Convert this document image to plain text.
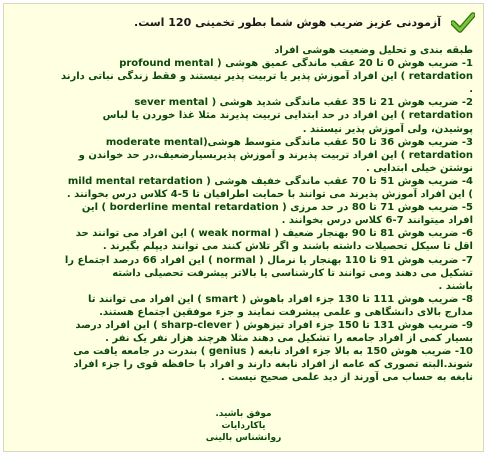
آزمودنی عزیز ضریب هوش شما بطور تخمینی 120 است.
طبقه بندی و تحلیل وضعیت هوشی افراد
1- ضریب هوش 0 تا 20 عقب ماندگی عمیق هوشی ( profound mental
retardation ) این افراد آموزش پذیر یا تربیت پذیر نیستند و فقط زندگی نباتی دارند
.
2- ضریب هوش 21 تا 35 عقب ماندگی شدید هوشی ( sever mental
retardation ) این افراد در حد ابتدایی تربیت پذیرند مثلا غذا خوردن یا لباس
پوشیدن، ولی آموزش پذیر نیستند .
3- ضریب هوش 36 تا 50 عقب ماندگی متوسط هوشی(moderate mental
retardation ) این افراد تربیت پذیرند و آموزش پذیربسیارضعیف،در حد خواندن و
نوشتن خیلی ابتدایی .
4- ضریب هوش 51 تا 70 عقب ماندگی خفیف هوشی ( mild mental retardation
) این افراد آموزش پذیرند می توانند با حمایت اطرافیان تا 5-4 کلاس درس بخوانند .
5- ضریب هوش 71 تا 80 در حد مرزی ( borderline mental retardation ) این
افراد میتوانند 7-6 کلاس درس بخوانند .
6- ضریب هوش 81 تا 90 بهنجار ضعیف ( weak normal ) این افراد می توانند حد
اقل تا سیکل تحصیلات داشته باشند و اگر تلاش کنند می توانند دیپلم بگیرند .
7- ضریب هوش 91 تا 110 بهنجار یا نرمال ( normal ) این افراد 66 درصد اجتماع را
تشکیل می دهند ومی توانند تا کارشناسی یا بالاتر پیشرفت تحصیلی داشته
باشند .
8- ضریب هوش 111 تا 130 جزء افراد باهوش ( smart ) این افراد می توانند تا
مدارج بالای دانشگاهی و علمی پیشرفت نمایند و جزء موفقین اجتماع هستند.
9- ضریب هوش 131 تا 150 جزء افراد تیزهوش ( sharp-clever ) این افراد درصد
بسیار کمی از افراد جامعه را تشکیل می دهند مثلا هرچند هزار نفر یک نفر .
10- ضریب هوش 150 به بالا جزء افراد نابغه ( genius ) بندرت در جامعه یافت می
شوند.البته تصوری که عامه از افراد نابغه دارند و افراد با حافظه قوی را جزء افراد
نابغه به حساب می آورند از دید علمی صحیح نیست .
موفق باشید.
یاکاردایات
روانشناس بالینی
